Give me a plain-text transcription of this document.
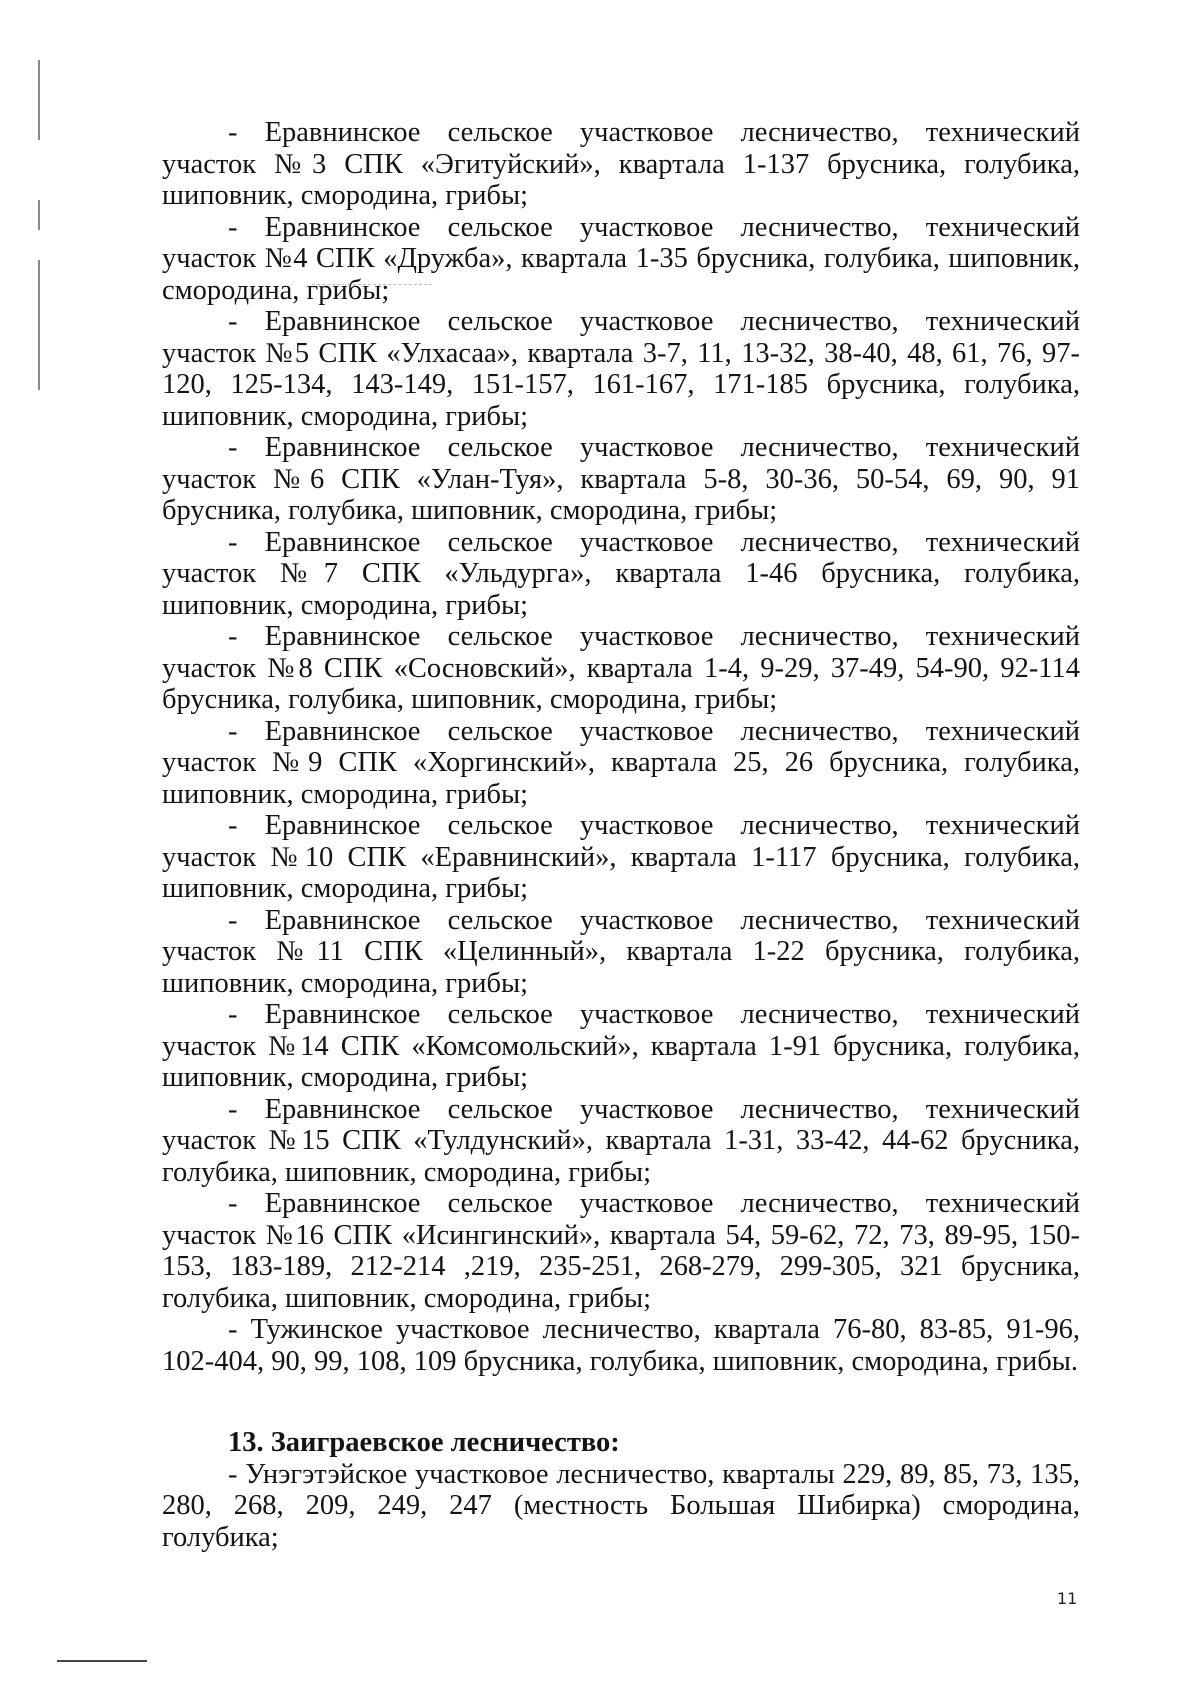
- Еравнинское сельское участковое лесничество, технический участок №3 СПК «Эгитуйский», квартала 1-137 брусника, голубика, шиповник, смородина, грибы;

- Еравнинское сельское участковое лесничество, технический участок №4 СПК «Дружба», квартала 1-35 брусника, голубика, шиповник, смородина, грибы;

- Еравнинское сельское участковое лесничество, технический участок №5 СПК «Улхасаа», квартала 3-7, 11, 13-32, 38-40, 48, 61, 76, 97-120, 125-134, 143-149, 151-157, 161-167, 171-185 брусника, голубика, шиповник, смородина, грибы;

- Еравнинское сельское участковое лесничество, технический участок №6 СПК «Улан-Туя», квартала 5-8, 30-36, 50-54, 69, 90, 91 брусника, голубика, шиповник, смородина, грибы;

- Еравнинское сельское участковое лесничество, технический участок №7 СПК «Ульдурга», квартала 1-46 брусника, голубика, шиповник, смородина, грибы;

- Еравнинское сельское участковое лесничество, технический участок №8 СПК «Сосновский», квартала 1-4, 9-29, 37-49, 54-90, 92-114 брусника, голубика, шиповник, смородина, грибы;

- Еравнинское сельское участковое лесничество, технический участок №9 СПК «Хоргинский», квартала 25, 26 брусника, голубика, шиповник, смородина, грибы;

- Еравнинское сельское участковое лесничество, технический участок №10 СПК «Еравнинский», квартала 1-117 брусника, голубика, шиповник, смородина, грибы;

- Еравнинское сельское участковое лесничество, технический участок №11 СПК «Целинный», квартала 1-22 брусника, голубика, шиповник, смородина, грибы;

- Еравнинское сельское участковое лесничество, технический участок №14 СПК «Комсомольский», квартала 1-91 брусника, голубика, шиповник, смородина, грибы;

- Еравнинское сельское участковое лесничество, технический участок №15 СПК «Тулдунский», квартала 1-31, 33-42, 44-62 брусника, голубика, шиповник, смородина, грибы;

- Еравнинское сельское участковое лесничество, технический участок №16 СПК «Исингинский», квартала 54, 59-62, 72, 73, 89-95, 150-153, 183-189, 212-214 ,219, 235-251, 268-279, 299-305, 321 брусника, голубика, шиповник, смородина, грибы;

- Тужинское участковое лесничество, квартала 76-80, 83-85, 91-96, 102-404, 90, 99, 108, 109 брусника, голубика, шиповник, смородина, грибы.

13. Заиграевское лесничество:

- Унэгэтэйское участковое лесничество, кварталы 229, 89, 85, 73, 135, 280, 268, 209, 249, 247 (местность Большая Шибирка) смородина, голубика;

11
